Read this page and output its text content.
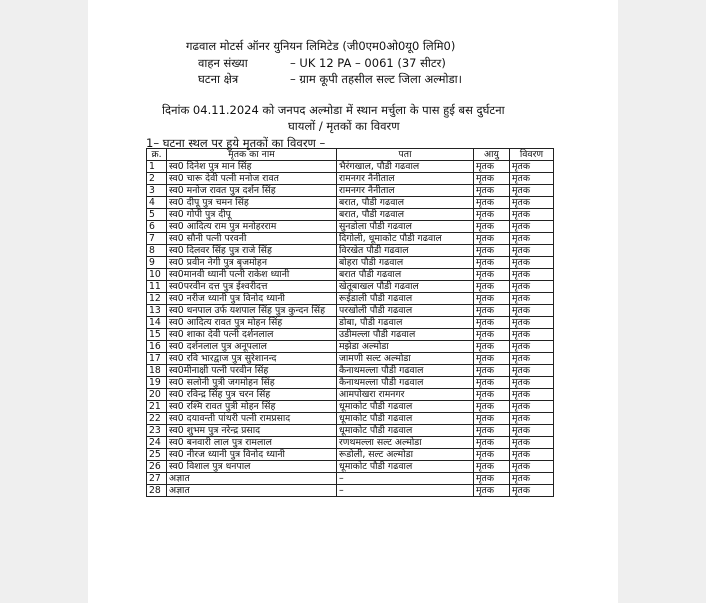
गढवाल मोटर्स ऑनर युनियन लिमिटेड (जी0एम0ओ0यू0 लिमि0)
वाहन संख्या	– UK 12 PA – 0061 (37 सीटर)
घटना क्षेत्र	– ग्राम कूपी तहसील सल्ट जिला अल्मोडा।
दिनांक 04.11.2024 को जनपद अल्मोडा में स्थान मर्चुला के पास हुई बस दुर्घटना
घायलों / मृतकों का विवरण
1– घटना स्थल पर हुये मृतकों का विवरण –
क्र.	मृतक का नाम	पता	आयु	विवरण
1	स्व0 दिनेश पुत्र मान सिंह	भैरंगखाल, पौडी गढवाल	मृतक	मृतक
2	स्व0 चारू देवी पत्नी मनोज रावत	रामनगर नैनीताल	मृतक	मृतक
3	स्व0 मनोज रावत पुत्र दर्शन सिंह	रामनगर नैनीताल	मृतक	मृतक
4	स्व0 दीपू पुत्र चमन सिंह	बरात, पौडी गढवाल	मृतक	मृतक
5	स्व0 गोपी पुत्र दीपू	बरात, पौडी गढवाल	मृतक	मृतक
6	स्व0 आदित्य राम पुत्र मनोहरराम	सुनडोला पौडी गढवाल	मृतक	मृतक
7	स्व0 सौनी पत्नी परवनी	दिगोली, धूमाकोट पौडी गढवाल	मृतक	मृतक
8	स्व0 दिलवर सिंह पुत्र राजे सिंह	विरखेत पौडी गढवाल	मृतक	मृतक
9	स्व0 प्रवीन नेगी पुत्र बृजमोहन	बोहरा पौडी गढवाल	मृतक	मृतक
10	स्व0मानवी ध्यानी पत्नी राकेश ध्यानी	बरात पौडी गढवाल	मृतक	मृतक
11	स्व0परवीन दत्त पुत्र ईश्वरीदत्त	खेतूबाखल पौडी गढवाल	मृतक	मृतक
12	स्व0 नरीज ध्यानी पुत्र विनोद ध्यानी	रूईडाली पौडी गढवाल	मृतक	मृतक
13	स्व0 धनपाल उर्फ यशपाल सिंह पुत्र कुन्दन सिंह	परखोली पौडी गढवाल	मृतक	मृतक
14	स्व0 आदित्य रावत पुत्र मोहन सिंह	डोबा, पौडी गढवाल	मृतक	मृतक
15	स्व0 शाका देवी पत्नी दर्शनलाल	उडीमल्ला पौडी गढवाल	मृतक	मृतक
16	स्व0 दर्शनलाल पुत्र अनूपलाल	मझेडा अल्मोडा	मृतक	मृतक
17	स्व0 रवि भारद्वाज पुत्र सुरेशानन्द	जामणी सल्ट अल्मोडा	मृतक	मृतक
18	स्व0मीनाक्षी पत्नी परवीन सिंह	कैनाथमल्ला पौडी गढवाल	मृतक	मृतक
19	स्व0 सलोनी पुत्री जगमोहन सिंह	कैनाथमल्ला पौडी गढवाल	मृतक	मृतक
20	स्व0 रविन्द्र सिंह पुत्र चरन सिंह	आमपोखरा रामनगर	मृतक	मृतक
21	स्व0 रश्मि रावत पुत्री मोहन सिंह	धूमाकोट पौडी गढवाल	मृतक	मृतक
22	स्व0 दयावन्ती पांथरी पत्नी रामप्रसाद	धूमाकोट पौडी गढवाल	मृतक	मृतक
23	स्व0 शुभम पुत्र नरेन्द्र प्रसाद	धूमाकोट पौडी गढवाल	मृतक	मृतक
24	स्व0 बनवारी लाल पुत्र रामलाल	रणथमल्ला सल्ट अल्मोडा	मृतक	मृतक
25	स्व0 नीरज ध्यानी पुत्र विनोद ध्यानी	रूडोली, सल्ट अल्मोडा	मृतक	मृतक
26	स्व0 विशाल पुत्र धनपाल	धूमाकोट पौडी गढवाल	मृतक	मृतक
27	अज्ञात	–	मृतक	मृतक
28	अज्ञात	–	मृतक	मृतक
